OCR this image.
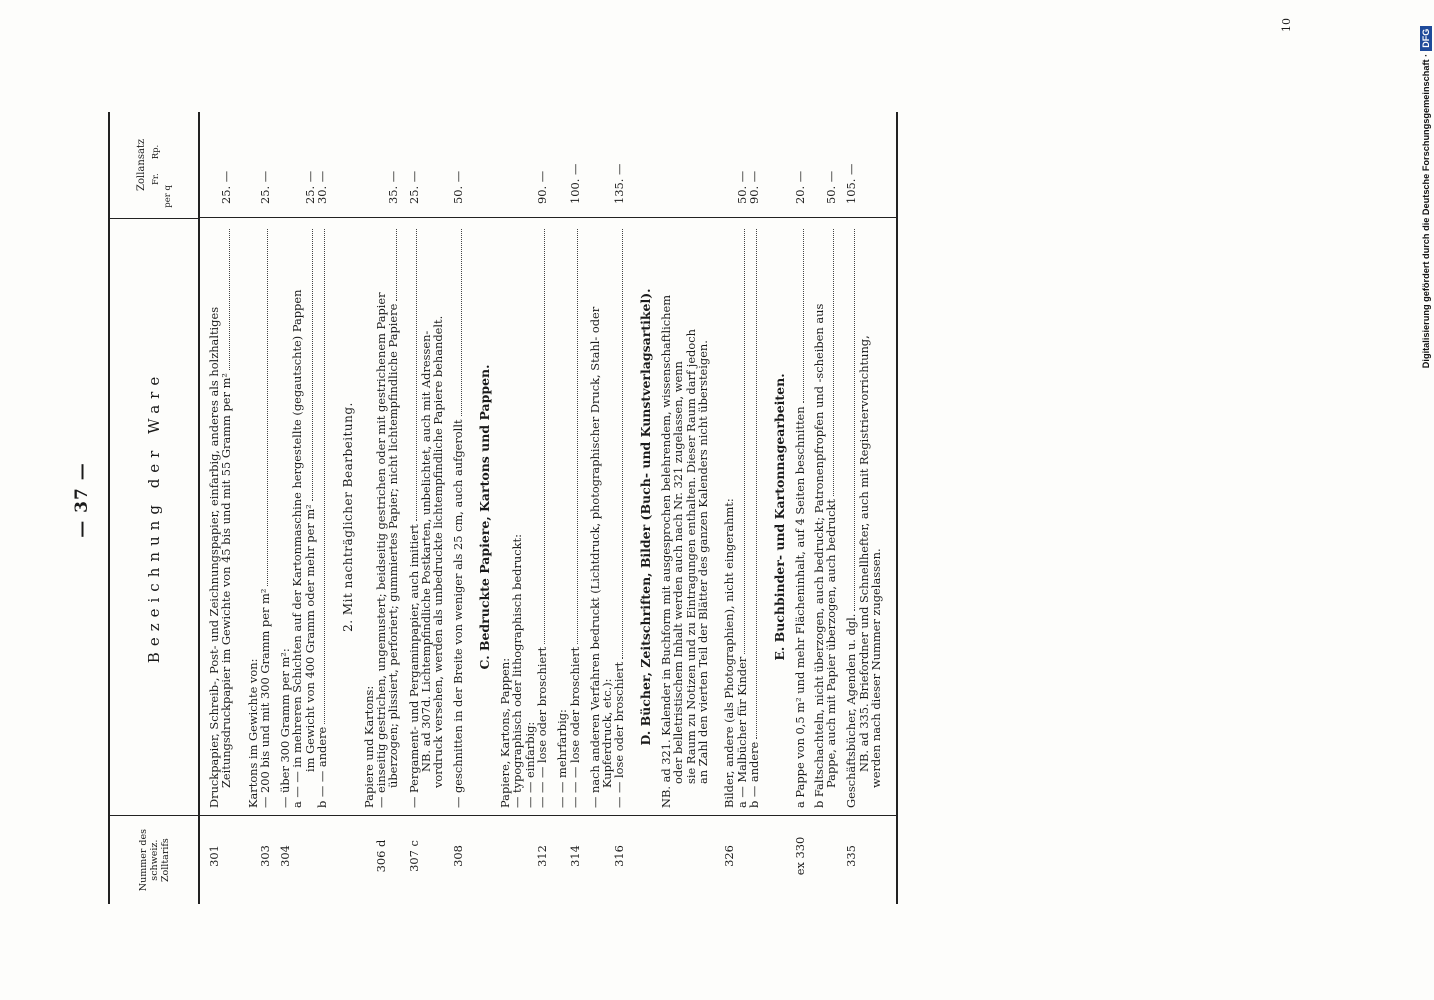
— 37 —
Nummer des schweiz. Zolltarifs
Bezeichnung der Ware
Zollansatz Fr.
Rp.
per q
301
Druckpapier, Schreib-, Post- und Zeichnungspapier, einfarbig, anderes als holzhaltiges
Zeitungsdruckpapier im Gewichte von 45 bis und mit 55 Gramm per m²
25. —
Kartons im Gewichte von:
303
— 200 bis und mit 300 Gramm per m²
25. —
304
— über 300 Gramm per m²:
a — — in mehreren Schichten auf der Kartonmaschine hergestellte (gegautschte) Pappen
im Gewicht von 400 Gramm oder mehr per m²
b — — andere
25. —
30. —
2. Mit nachträglicher Bearbeitung.
Papiere und Kartons:
306 d
— einseitig gestrichen, ungemustert; beidseitig gestrichen oder mit gestrichenem Papier
überzogen; plissiert, perforiert; gummiertes Papier; nicht lichtempfindliche Papiere
35. —
307 c
— Pergament- und Pergaminpapier, auch imitiert
NB. ad 307d. Lichtempfindliche Postkarten, unbelichtet, auch mit Adressen-
vordruck versehen, werden als unbedruckte lichtempfindliche Papiere behandelt.
25. —
308
— geschnitten in der Breite von weniger als 25 cm, auch aufgerollt
50. —
C. Bedruckte Papiere, Kartons und Pappen.
312
Papiere, Kartons, Pappen:
— typographisch oder lithographisch bedruckt:
— — einfarbig:
— — — lose oder broschiert
90. —
314
— — mehrfarbig:
— — — lose oder broschiert
100. —
316
— nach anderen Verfahren bedruckt (Lichtdruck, photographischer Druck, Stahl- oder
Kupferdruck, etc.):
— — lose oder broschiert
135. —
D. Bücher, Zeitschriften, Bilder (Buch- und Kunstverlagsartikel). NB. ad 321. Kalender in Buchform mit ausgesprochen belehrendem, wissenschaftlichem
oder belletristischem Inhalt werden auch nach Nr. 321 zugelassen, wenn
sie Raum zu Notizen und zu Eintragungen enthalten. Dieser Raum darf jedoch
an Zahl den vierten Teil der Blätter des ganzen Kalenders nicht übersteigen.
326
Bilder, andere (als Photographien), nicht eingerahmt:
a — Malbücher für Kinder
b — andere
50. —
90. —
E. Buchbinder- und Kartonnagearbeiten.
ex 330
a Pappe von 0,5 m² und mehr Flächeninhalt, auf 4 Seiten beschnitten b Faltschachteln, nicht überzogen, auch bedruckt; Patronenpfropfen und -scheiben aus
Pappe, auch mit Papier überzogen, auch bedruckt
20. — 50. —
335
Geschäftsbücher, Agenden u. dgl.
NB. ad 335. Briefordner und Schnellhefter, auch mit Registriervorrichtung,
werden nach dieser Nummer zugelassen.
105. —
10
Digitalisierung gefördert durch die Deutsche Forschungsgemeinschaft ·
DFG
